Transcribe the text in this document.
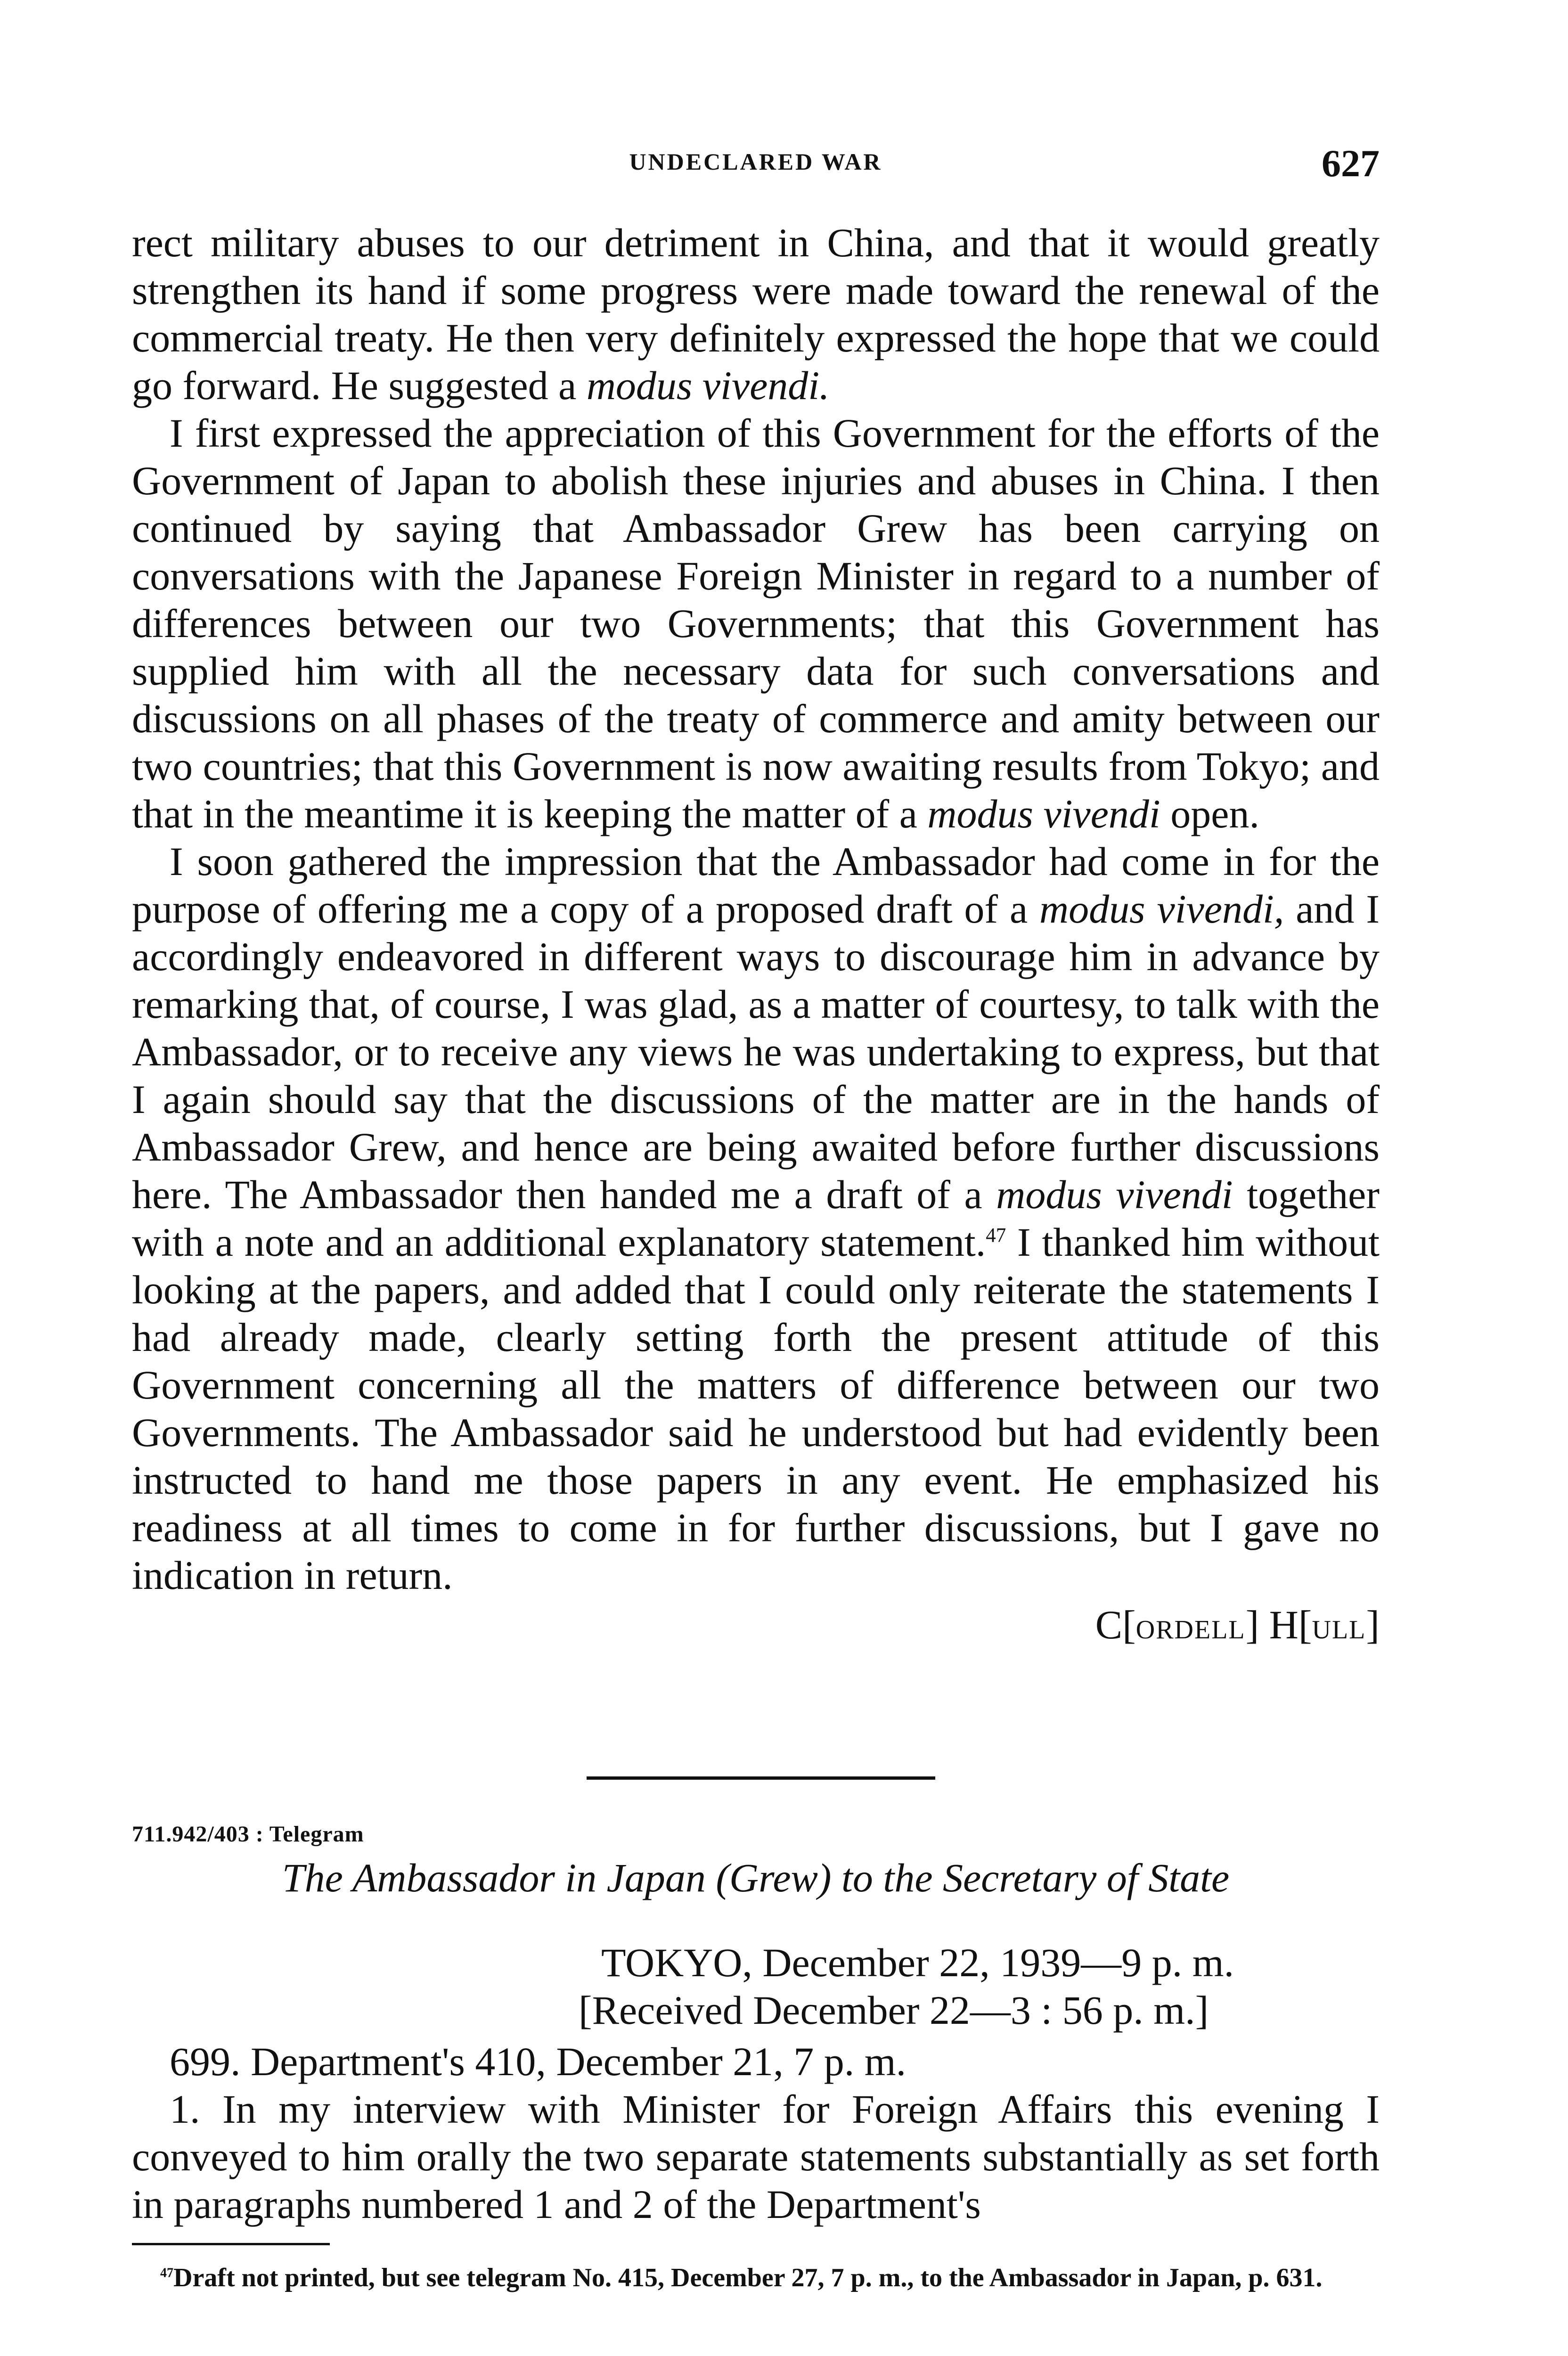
UNDECLARED WAR	627

rect military abuses to our detriment in China, and that it would greatly strengthen its hand if some progress were made toward the renewal of the commercial treaty. He then very definitely expressed the hope that we could go forward. He suggested a modus vivendi.

I first expressed the appreciation of this Government for the efforts of the Government of Japan to abolish these injuries and abuses in China. I then continued by saying that Ambassador Grew has been carrying on conversations with the Japanese Foreign Minister in regard to a number of differences between our two Governments; that this Government has supplied him with all the necessary data for such conversations and discussions on all phases of the treaty of commerce and amity between our two countries; that this Government is now awaiting results from Tokyo; and that in the meantime it is keeping the matter of a modus vivendi open.

I soon gathered the impression that the Ambassador had come in for the purpose of offering me a copy of a proposed draft of a modus vivendi, and I accordingly endeavored in different ways to discourage him in advance by remarking that, of course, I was glad, as a matter of courtesy, to talk with the Ambassador, or to receive any views he was undertaking to express, but that I again should say that the discussions of the matter are in the hands of Ambassador Grew, and hence are being awaited before further discussions here. The Ambassador then handed me a draft of a modus vivendi together with a note and an additional explanatory statement.$^{47}$ I thanked him without looking at the papers, and added that I could only reiterate the statements I had already made, clearly setting forth the present attitude of this Government concerning all the matters of difference between our two Governments. The Ambassador said he understood but had evidently been instructed to hand me those papers in any event. He emphasized his readiness at all times to come in for further discussions, but I gave no indication in return.

C[ORDELL] H[ULL]
711.942/403 : Telegram
The Ambassador in Japan (Grew) to the Secretary of State
TOKYO, December 22, 1939—9 p. m.
[Received December 22—3 : 56 p. m.]

699. Department's 410, December 21, 7 p. m.

1. In my interview with Minister for Foreign Affairs this evening I conveyed to him orally the two separate statements substantially as set forth in paragraphs numbered 1 and 2 of the Department's

$^{47}$Draft not printed, but see telegram No. 415, December 27, 7 p. m., to the Ambassador in Japan, p. 631.
